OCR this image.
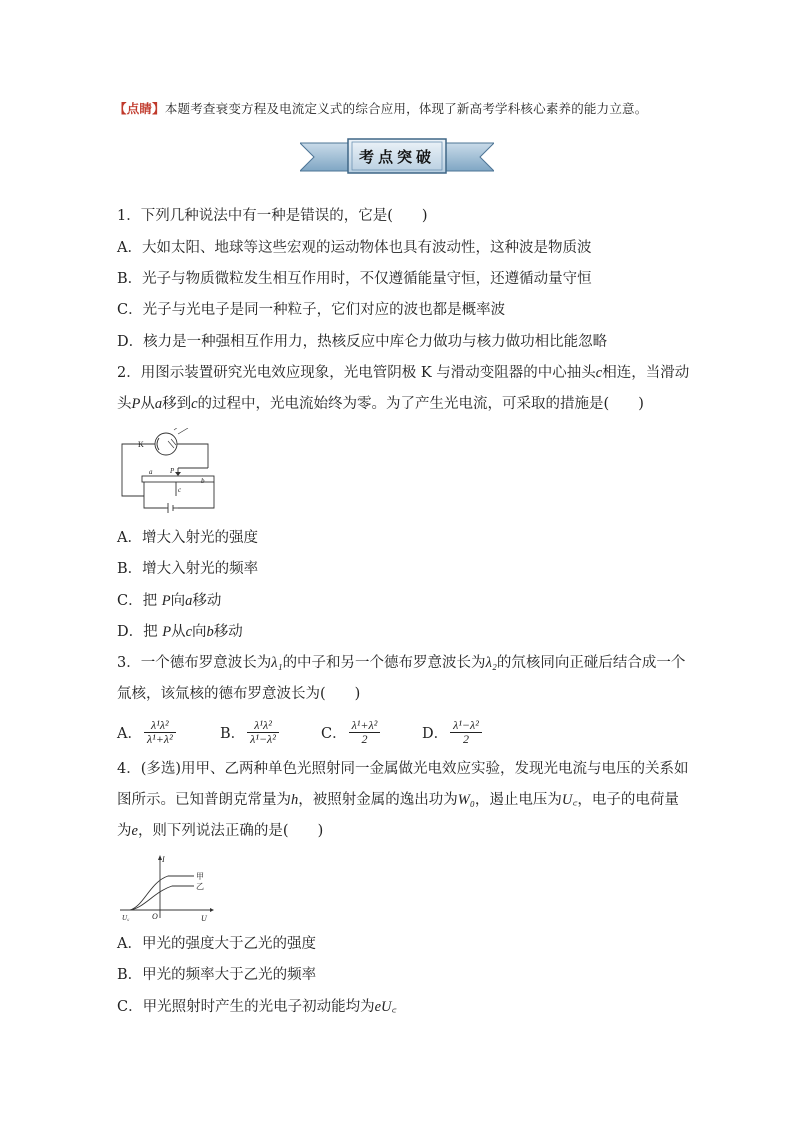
【点睛】本题考查衰变方程及电流定义式的综合应用，体现了新高考学科核心素养的能力立意。
考点突破
1．下列几种说法中有一种是错误的，它是(　　)
A．大如太阳、地球等这些宏观的运动物体也具有波动性，这种波是物质波
B．光子与物质微粒发生相互作用时，不仅遵循能量守恒，还遵循动量守恒
C．光子与光电子是同一种粒子，它们对应的波也都是概率波
D．核力是一种强相互作用力，热核反应中库仑力做功与核力做功相比能忽略
2．用图示装置研究光电效应现象，光电管阴极 K 与滑动变阻器的中心抽头c相连，当滑动
头P从a移到c的过程中，光电流始终为零。为了产生光电流，可采取的措施是(　　)
K
a	P
b
c
A．增大入射光的强度
B．增大入射光的频率
C．把 P向a移动
D．把 P从c向b移动
3．一个德布罗意波长为λ₁的中子和另一个德布罗意波长为λ₂的氘核同向正碰后结合成一个
氚核，该氚核的德布罗意波长为(　　)
A． $\frac{\text{λ¹λ²}}{\text{λ¹+λ²}}$	B． $\frac{\text{λ¹λ²}}{\text{λ¹−λ²}}$	C． $\frac{\text{λ¹+λ²}}{2}$	D． $\frac{\text{λ¹−λ²}}{2}$
4．(多选)用甲、乙两种单色光照射同一金属做光电效应实验，发现光电流与电压的关系如
图所示。已知普朗克常量为h，被照射金属的逸出功为W₀，遏止电压为U꜀，电子的电荷量
为e，则下列说法正确的是(　　)
I
甲
乙
U꜀	O	U
A．甲光的强度大于乙光的强度
B．甲光的频率大于乙光的频率
C．甲光照射时产生的光电子初动能均为eU꜀
